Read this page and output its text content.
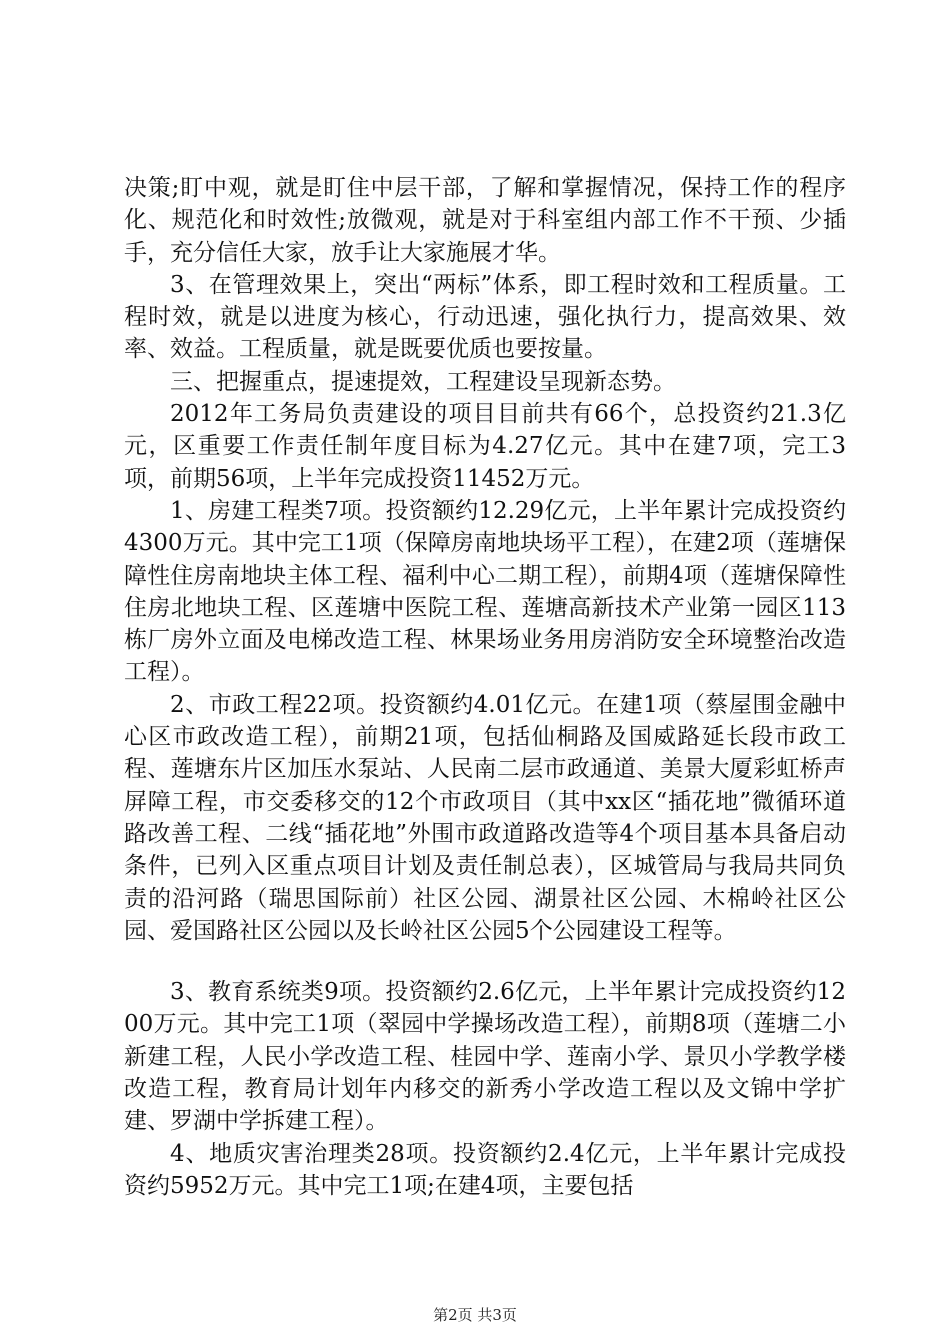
决策;盯中观，就是盯住中层干部，了解和掌握情况，保持工作的程序化、规范化和时效性;放微观，就是对于科室组内部工作不干预、少插手，充分信任大家，放手让大家施展才华。

3、在管理效果上，突出“两标”体系，即工程时效和工程质量。工程时效，就是以进度为核心，行动迅速，强化执行力，提高效果、效率、效益。工程质量，就是既要优质也要按量。

三、把握重点，提速提效，工程建设呈现新态势。

2012年工务局负责建设的项目目前共有66个，总投资约21.3亿元，区重要工作责任制年度目标为4.27亿元。其中在建7项，完工3项，前期56项，上半年完成投资11452万元。

1、房建工程类7项。投资额约12.29亿元，上半年累计完成投资约4300万元。其中完工1项（保障房南地块场平工程），在建2项（莲塘保障性住房南地块主体工程、福利中心二期工程），前期4项（莲塘保障性住房北地块工程、区莲塘中医院工程、莲塘高新技术产业第一园区113栋厂房外立面及电梯改造工程、林果场业务用房消防安全环境整治改造工程）。

2、市政工程22项。投资额约4.01亿元。在建1项（蔡屋围金融中心区市政改造工程），前期21项，包括仙桐路及国威路延长段市政工程、莲塘东片区加压水泵站、人民南二层市政通道、美景大厦彩虹桥声屏障工程，市交委移交的12个市政项目（其中xx区“插花地”微循环道路改善工程、二线“插花地”外围市政道路改造等4个项目基本具备启动条件，已列入区重点项目计划及责任制总表），区城管局与我局共同负责的沿河路（瑞思国际前）社区公园、湖景社区公园、木棉岭社区公园、爱国路社区公园以及长岭社区公园5个公园建设工程等。

3、教育系统类9项。投资额约2.6亿元，上半年累计完成投资约1200万元。其中完工1项（翠园中学操场改造工程），前期8项（莲塘二小新建工程，人民小学改造工程、桂园中学、莲南小学、景贝小学教学楼改造工程，教育局计划年内移交的新秀小学改造工程以及文锦中学扩建、罗湖中学拆建工程）。

4、地质灾害治理类28项。投资额约2.4亿元，上半年累计完成投资约5952万元。其中完工1项;在建4项，主要包括

第2页 共3页
